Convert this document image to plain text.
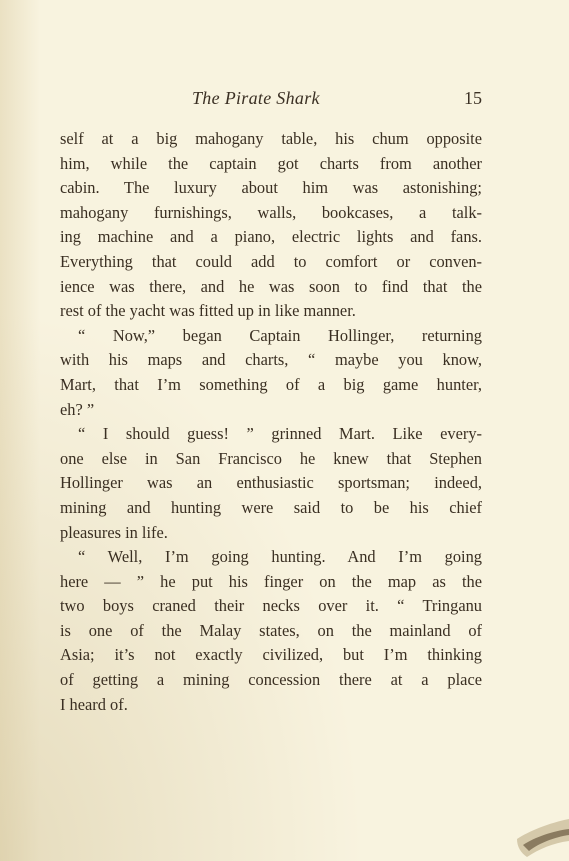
The Pirate Shark	15
self at a big mahogany table, his chum opposite
him, while the captain got charts from another
cabin. The luxury about him was astonishing;
mahogany furnishings, walls, bookcases, a talk-
ing machine and a piano, electric lights and fans.
Everything that could add to comfort or conven-
ience was there, and he was soon to find that the
rest of the yacht was fitted up in like manner.
“ Now,” began Captain Hollinger, returning
with his maps and charts, “ maybe you know,
Mart, that I’m something of a big game hunter,
eh? ”
“ I should guess! ” grinned Mart. Like every-
one else in San Francisco he knew that Stephen
Hollinger was an enthusiastic sportsman; indeed,
mining and hunting were said to be his chief
pleasures in life.
“ Well, I’m going hunting. And I’m going
here — ” he put his finger on the map as the
two boys craned their necks over it. “ Tringanu
is one of the Malay states, on the mainland of
Asia; it’s not exactly civilized, but I’m thinking
of getting a mining concession there at a place
I heard of.
